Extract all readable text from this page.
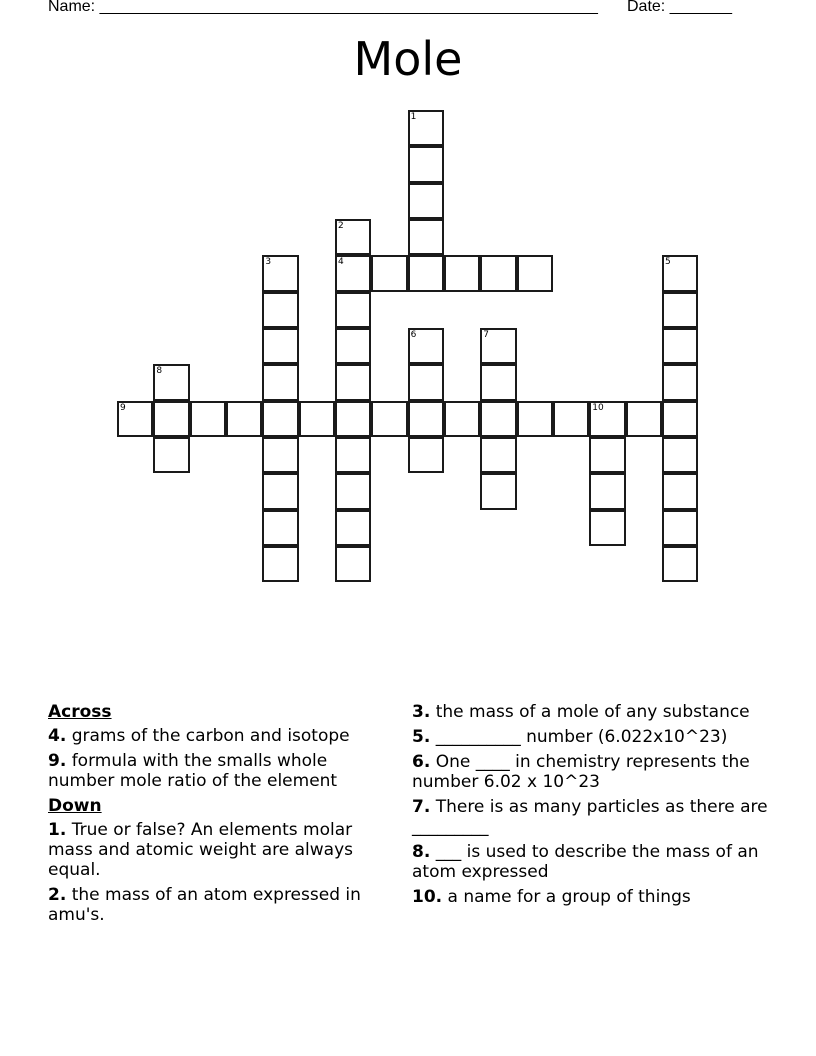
Name: ________________________________________________________ Date: _______
Mole
1
2
4
3	5
6	7
8
9	10
Across
4. grams of the carbon and isotope
9. formula with the smalls whole number mole ratio of the element
Down
1. True or false? An elements molar mass and atomic weight are always equal.
2. the mass of an atom expressed in amu's.
3. the mass of a mole of any substance
5. __________ number (6.022x10^23)
6. One ____ in chemistry represents the number 6.02 x 10^23
7. There is as many particles as there are _________
8. ___ is used to describe the mass of an atom expressed
10. a name for a group of things
